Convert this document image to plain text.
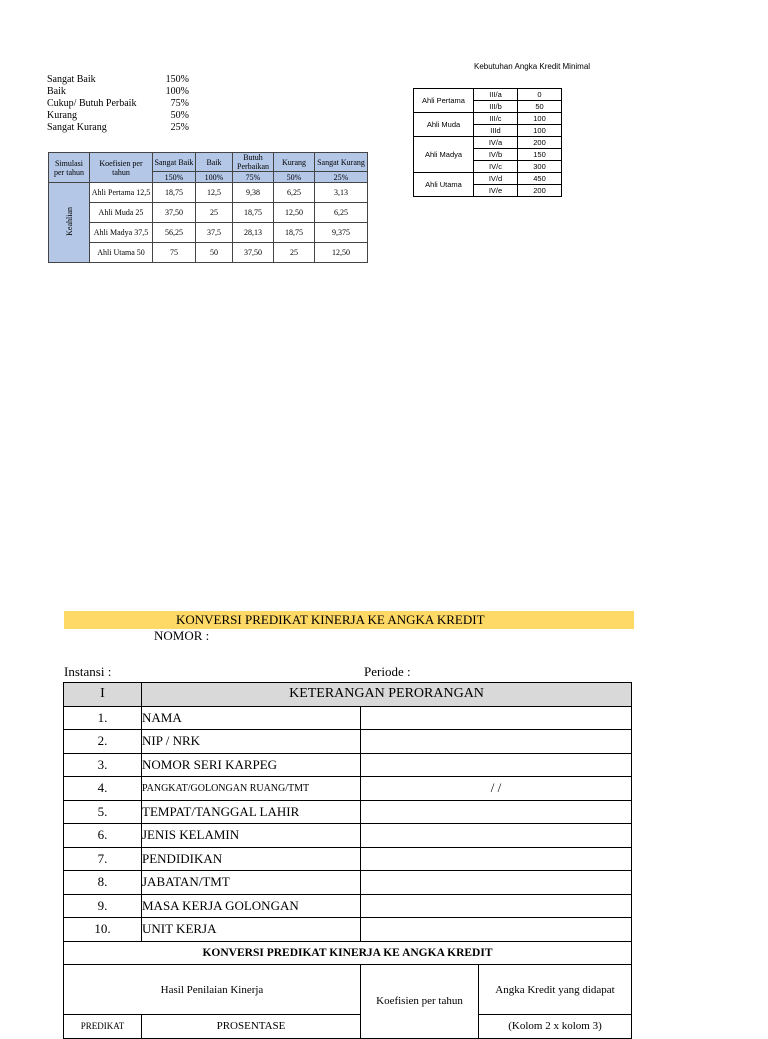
Sangat Baik	150%
Baik	100%
Cukup/ Butuh Perbaik	75%
Kurang	50%
Sangat Kurang	25%
Simulasi per tahun	Koefisien per tahun	Sangat Baik	Baik	Butuh Perbaikan	Kurang	Sangat Kurang
		150%	100%	75%	50%	25%
Keahlian	Ahli Pertama 12,5	18,75	12,5	9,38	6,25	3,13
	Ahli Muda 25	37,50	25	18,75	12,50	6,25
	Ahli Madya 37,5	56,25	37,5	28,13	18,75	9,375
	Ahli Utama 50	75	50	37,50	25	12,50
Kebutuhan Angka Kredit Minimal
Ahli Pertama	III/a	0
	III/b	50
Ahli Muda	III/c	100
	IIId	100
Ahli Madya	IV/a	200
	IV/b	150
	IV/c	300
Ahli Utama	IV/d	450
	IV/e	200
KONVERSI PREDIKAT KINERJA KE ANGKA KREDIT
NOMOR :
Instansi :	Periode :
I	KETERANGAN PERORANGAN		
1.	NAMA		
2.	NIP / NRK		
3.	NOMOR SERI KARPEG		
4.	PANGKAT/GOLONGAN RUANG/TMT	/ /	
5.	TEMPAT/TANGGAL LAHIR		
6.	JENIS KELAMIN		
7.	PENDIDIKAN		
8.	JABATAN/TMT		
9.	MASA KERJA GOLONGAN		
10.	UNIT KERJA		
KONVERSI PREDIKAT KINERJA KE ANGKA KREDIT			
Hasil Penilaian Kinerja		Koefisien per tahun	Angka Kredit yang didapat
PREDIKAT	PROSENTASE		(Kolom 2 x kolom 3)
